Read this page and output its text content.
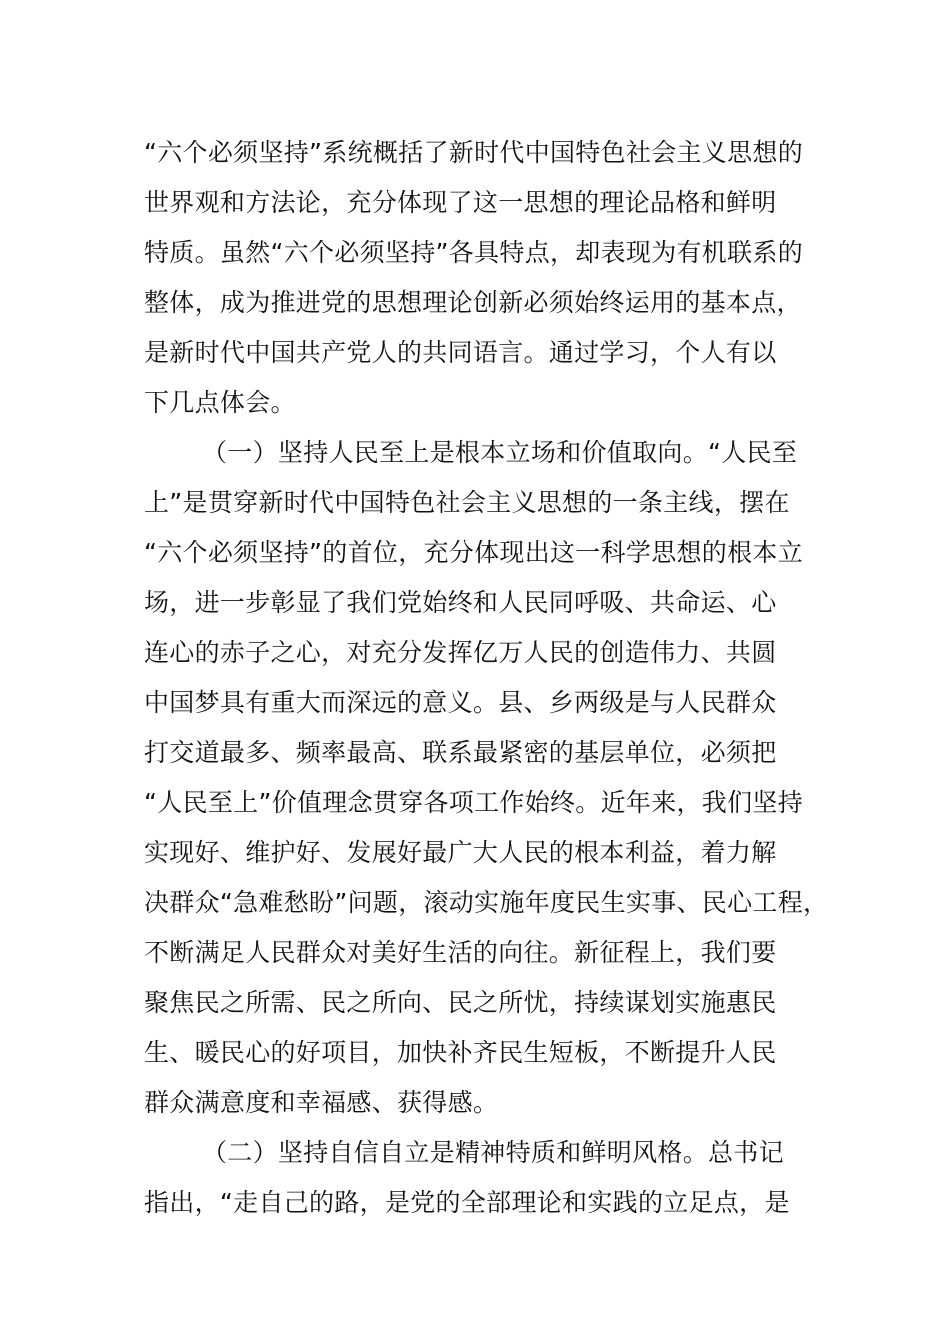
“六个必须坚持”系统概括了新时代中国特色社会主义思想的
世界观和方法论，充分体现了这一思想的理论品格和鲜明
特质。虽然“六个必须坚持”各具特点，却表现为有机联系的
整体，成为推进党的思想理论创新必须始终运用的基本点，
是新时代中国共产党人的共同语言。通过学习，个人有以
下几点体会。
（一）坚持人民至上是根本立场和价值取向。“人民至
上”是贯穿新时代中国特色社会主义思想的一条主线，摆在
“六个必须坚持”的首位，充分体现出这一科学思想的根本立
场，进一步彰显了我们党始终和人民同呼吸、共命运、心
连心的赤子之心，对充分发挥亿万人民的创造伟力、共圆
中国梦具有重大而深远的意义。县、乡两级是与人民群众
打交道最多、频率最高、联系最紧密的基层单位，必须把
“人民至上”价值理念贯穿各项工作始终。近年来，我们坚持
实现好、维护好、发展好最广大人民的根本利益，着力解
决群众“急难愁盼”问题，滚动实施年度民生实事、民心工程，
不断满足人民群众对美好生活的向往。新征程上，我们要
聚焦民之所需、民之所向、民之所忧，持续谋划实施惠民
生、暖民心的好项目，加快补齐民生短板，不断提升人民
群众满意度和幸福感、获得感。
（二）坚持自信自立是精神特质和鲜明风格。总书记
指出，“走自己的路，是党的全部理论和实践的立足点，是
